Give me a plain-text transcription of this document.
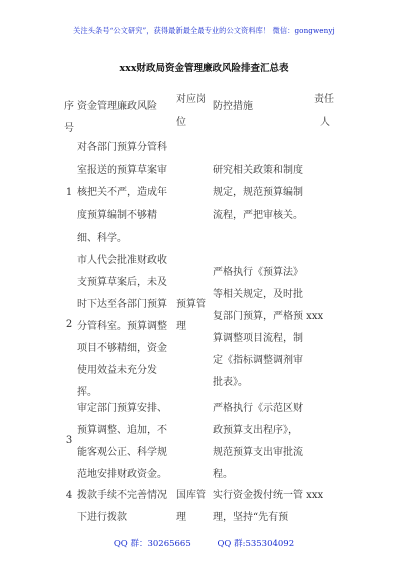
关注头条号“公文研究”，获得最新最全最专业的公文资料库！ 微信：gongwenyj
xxx财政局资金管理廉政风险排查汇总表
序
号
资金管理廉政风险
对应岗
位
防控措施
责任
人
1
对各部门预算分管科
室报送的预算草案审
核把关不严，造成年
度预算编制不够精
细、科学。
研究相关政策和制度
规定，规范预算编制
流程，严把审核关。
2
市人代会批准财政收
支预算草案后，未及
时下达至各部门预算
分管科室。预算调整
项目不够精细，资金
使用效益未充分发
挥。
预算管
理
严格执行《预算法》
等相关规定，及时批
复部门预算，严格预 xxx
算调整项目流程，制
定《指标调整调剂审
批表》。
3
审定部门预算安排、
预算调整、追加，不
能客观公正、科学规
范地安排财政资金。
严格执行《示范区财
政预算支出程序》，
规范预算支出审批流
程。
4 拨款手续不完善情况
下进行拨款
国库管
理
实行资金拨付统一管 xxx
理，坚持“先有预
QQ 群：30265665	QQ 群:535304092
